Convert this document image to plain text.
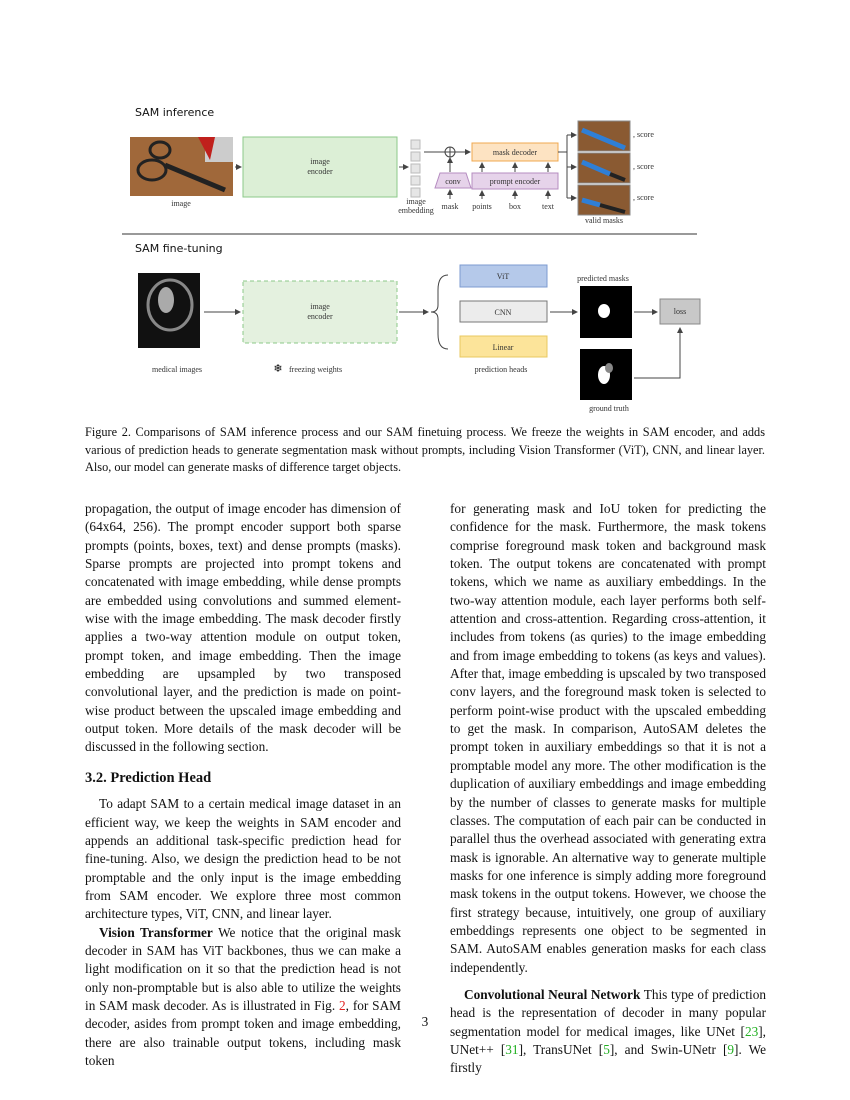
SAM inference
image
image
encoder
image
embedding
mask decoder
conv	prompt encoder
mask points box	text
, score
, score
, score
valid masks
SAM fine-tuning
medical images
image
encoder
❄ freezing weights
ViT
CNN
Linear
prediction heads
predicted masks
loss
ground truth
Figure 2. Comparisons of SAM inference process and our SAM finetuing process. We freeze the weights in SAM encoder, and adds various of prediction heads to generate segmentation mask without prompts, including Vision Transformer (ViT), CNN, and linear layer. Also, our model can generate masks of difference target objects.

propagation, the output of image encoder has dimension of (64x64, 256). The prompt encoder support both sparse prompts (points, boxes, text) and dense prompts (masks). Sparse prompts are projected into prompt tokens and concatenated with image embedding, while dense prompts are embedded using convolutions and summed element-wise with the image embedding. The mask decoder firstly applies a two-way attention module on output token, prompt token, and image embedding. Then the image embedding are upsampled by two transposed convolutional layer, and the prediction is made on point-wise product between the upscaled image embedding and output token. More details of the mask decoder will be discussed in the following section.

3.2. Prediction Head

To adapt SAM to a certain medical image dataset in an efficient way, we keep the weights in SAM encoder and appends an additional task-specific prediction head for fine-tuning. Also, we design the prediction head to be not promptable and the only input is the image embedding from SAM encoder. We explore three most common architecture types, ViT, CNN, and linear layer.

Vision Transformer We notice that the original mask decoder in SAM has ViT backbones, thus we can make a light modification on it so that the prediction head is not only non-promptable but is also able to utilize the weights in SAM mask decoder. As is illustrated in Fig. 2, for SAM decoder, asides from prompt token and image embedding, there are also trainable output tokens, including mask token

for generating mask and IoU token for predicting the confidence for the mask. Furthermore, the mask tokens comprise foreground mask token and background mask token. The output tokens are concatenated with prompt tokens, which we name as auxiliary embeddings. In the two-way attention module, each layer performs both self-attention and cross-attention. Regarding cross-attention, it includes from tokens (as quries) to the image embedding and from image embedding to tokens (as keys and values). After that, image embedding is upscaled by two transposed conv layers, and the foreground mask token is selected to perform point-wise product with the upscaled embedding to get the mask. In comparison, AutoSAM deletes the prompt token in auxiliary embeddings so that it is not a promptable model any more. The other modification is the duplication of auxiliary embeddings and image embedding by the number of classes to generate masks for multiple classes. The computation of each pair can be conducted in parallel thus the overhead associated with generating extra mask is ignorable. An alternative way to generate multiple masks for one inference is simply adding more foreground mask tokens in the output tokens. However, we choose the first strategy because, intuitively, one group of auxiliary embeddings represents one object to be segmented in SAM. AutoSAM enables generation masks for each class independently.

Convolutional Neural Network This type of prediction head is the representation of decoder in many popular segmentation model for medical images, like UNet [23], UNet++ [31], TransUNet [5], and Swin-UNetr [9]. We firstly

3
